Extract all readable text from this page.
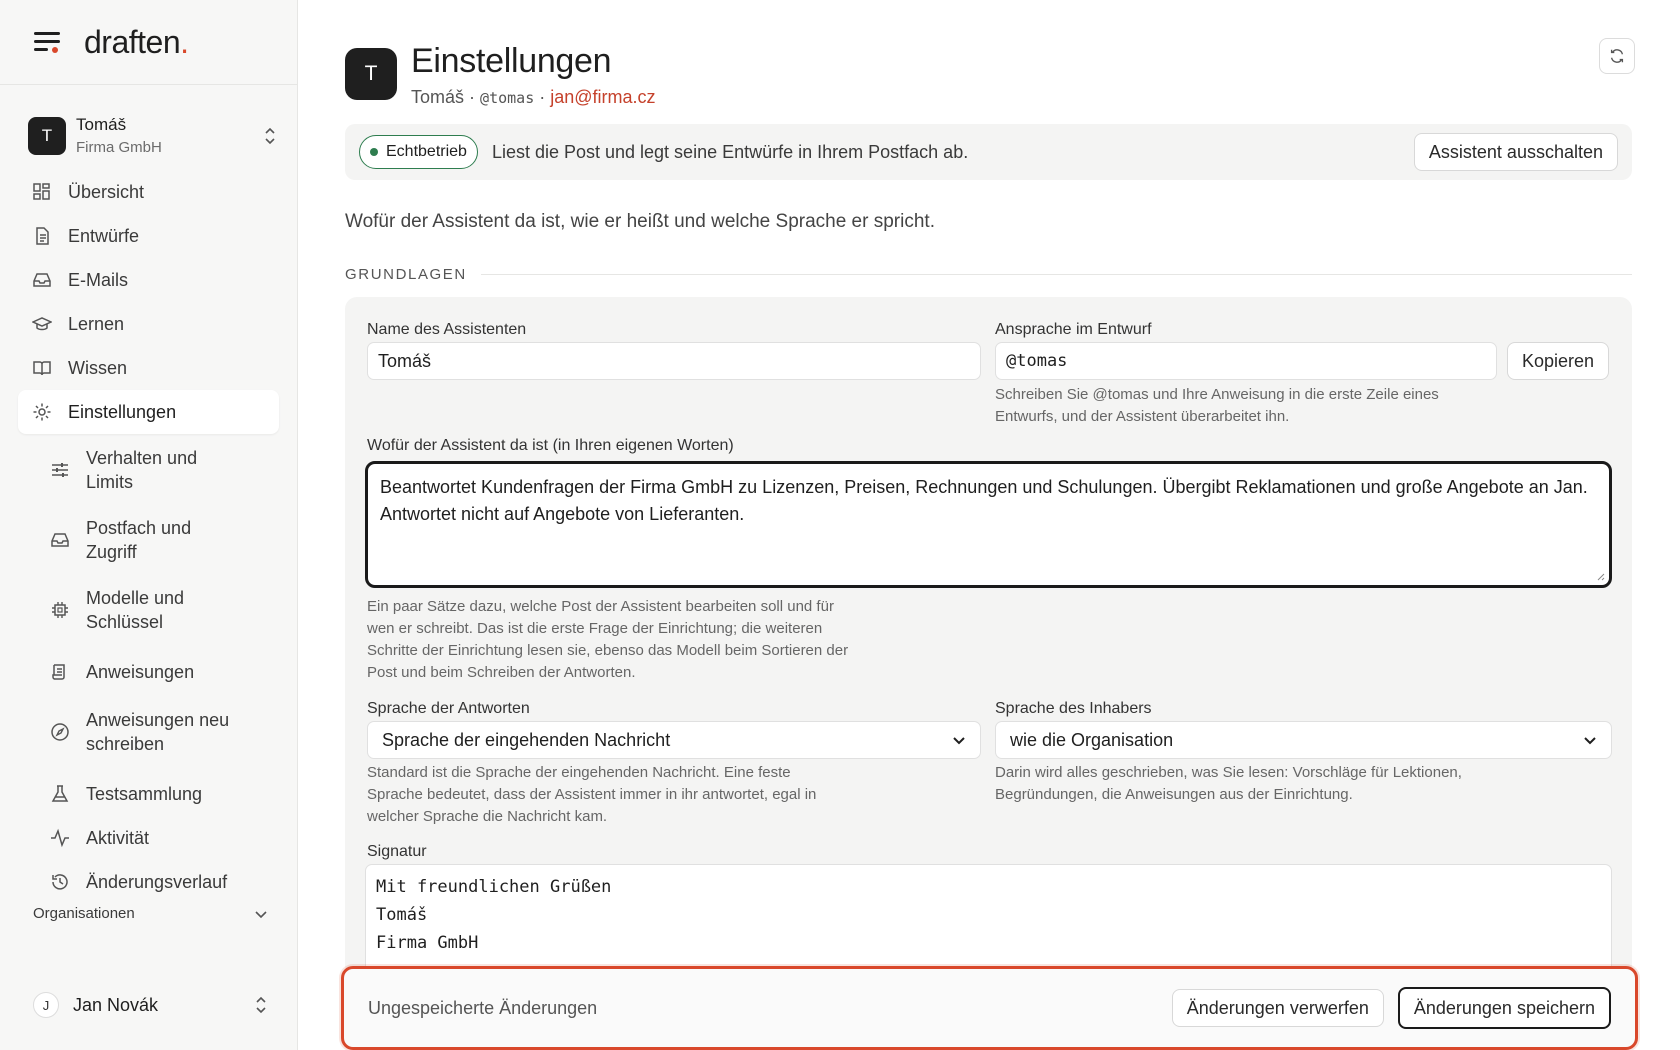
draften.
T
Tomáš
Firma GmbH
Übersicht
Entwürfe
E-Mails
Lernen
Wissen
Einstellungen
Verhalten und Limits
Postfach und Zugriff
Modelle und Schlüssel
Anweisungen
Anweisungen neu schreiben
Testsammlung
Aktivität
Änderungsverlauf
Organisationen
J	Jan Novák
T Einstellungen
Tomáš · @tomas · jan@firma.cz
Echtbetrieb Liest die Post und legt seine Entwürfe in Ihrem Postfach ab.	Assistent ausschalten
Wofür der Assistent da ist, wie er heißt und welche Sprache er spricht.
GRUNDLAGEN
Name des Assistenten
Tomáš
Ansprache im Entwurf
@tomas	Kopieren
Schreiben Sie @tomas und Ihre Anweisung in die erste Zeile eines Entwurfs, und der Assistent überarbeitet ihn.
Wofür der Assistent da ist (in Ihren eigenen Worten)
Beantwortet Kundenfragen der Firma GmbH zu Lizenzen, Preisen, Rechnungen und Schulungen. Übergibt Reklamationen und große Angebote an Jan. Antwortet nicht auf Angebote von Lieferanten.
Ein paar Sätze dazu, welche Post der Assistent bearbeiten soll und für wen er schreibt. Das ist die erste Frage der Einrichtung; die weiteren Schritte der Einrichtung lesen sie, ebenso das Modell beim Sortieren der Post und beim Schreiben der Antworten.
Sprache der Antworten
Sprache der eingehenden Nachricht
Standard ist die Sprache der eingehenden Nachricht. Eine feste Sprache bedeutet, dass der Assistent immer in ihr antwortet, egal in welcher Sprache die Nachricht kam.
Sprache des Inhabers
wie die Organisation
Darin wird alles geschrieben, was Sie lesen: Vorschläge für Lektionen, Begründungen, die Anweisungen aus der Einrichtung.
Signatur
Mit freundlichen Grüßen
Tomáš
Firma GmbH
Ungespeicherte Änderungen	Änderungen verwerfen	Änderungen speichern
